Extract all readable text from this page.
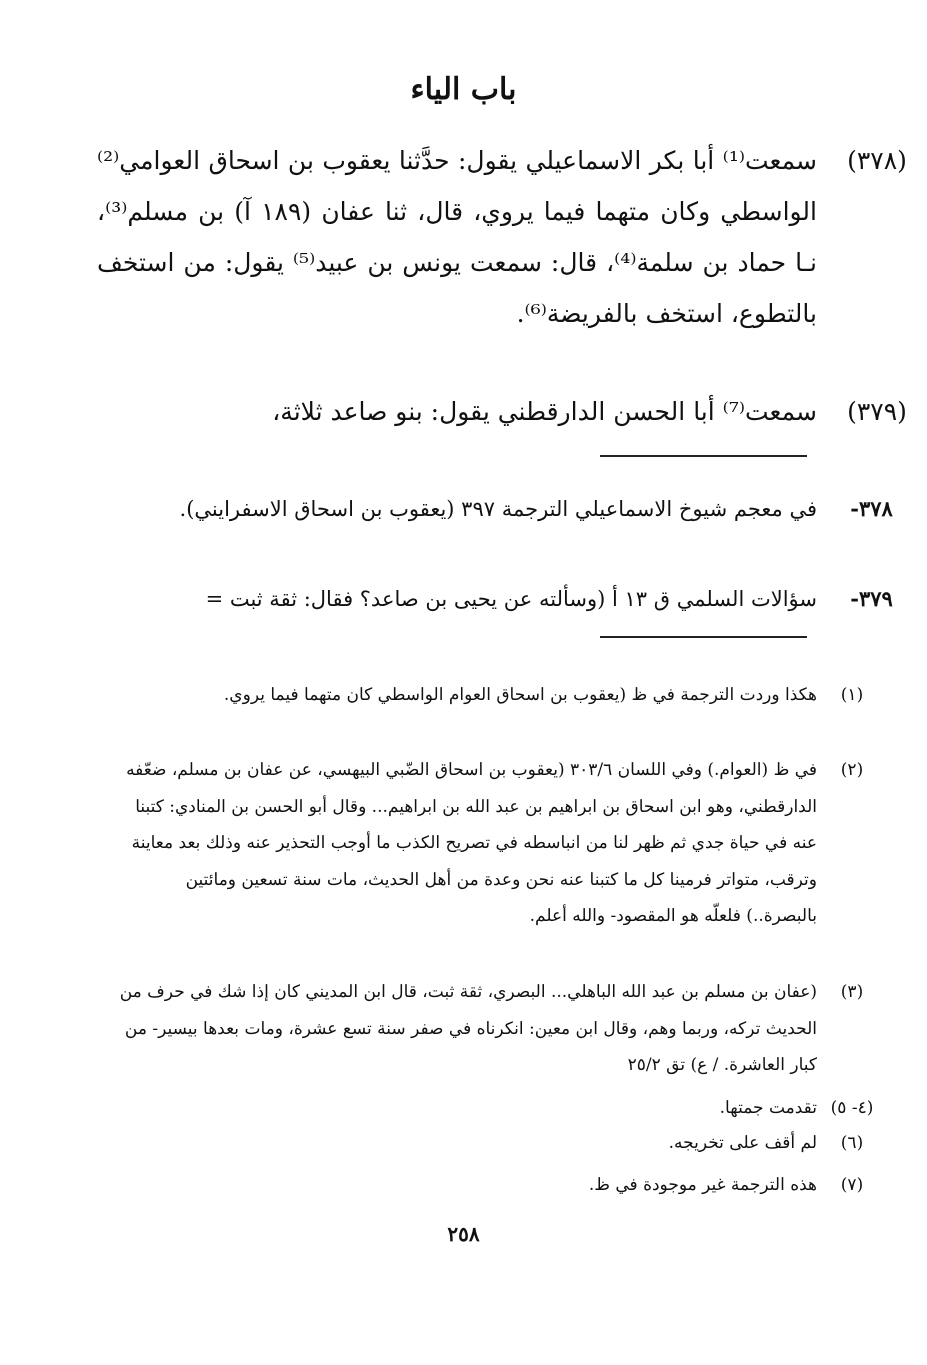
باب الياء
(٣٧٨)
سمعت⁽¹⁾ أبا بكر الاسماعيلي يقول: حدَّثنا يعقوب بن اسحاق العوامي⁽²⁾ الواسطي وكان متهما فيما يروي، قال، ثنا عفان (١٨٩ آ) بن مسلم⁽³⁾، نـا حماد بن سلمة⁽⁴⁾، قال: سمعت يونس بن عبيد⁽⁵⁾ يقول: من استخف بالتطوع، استخف بالفريضة⁽⁶⁾.
(٣٧٩)
سمعت⁽⁷⁾ أبا الحسن الدارقطني يقول: بنو صاعد ثلاثة،
٣٧٨-
في معجم شيوخ الاسماعيلي الترجمة ٣٩٧ (يعقوب بن اسحاق الاسفرايني).
٣٧٩-
سؤالات السلمي ق ١٣ أ (وسألته عن يحيى بن صاعد؟ فقال: ثقة ثبت =
(١)
هكذا وردت الترجمة في ظ (يعقوب بن اسحاق العوام الواسطي كان متهما فيما يروي.
(٢)
في ظ (العوام.) وفي اللسان ٣٠٣/٦ (يعقوب بن اسحاق الضّبي البيهسي، عن عفان بن مسلم، ضعّفه الدارقطني، وهو ابن اسحاق بن ابراهيم بن عبد الله بن ابراهيم... وقال أبو الحسن بن المنادي: كتبنا عنه في حياة جدي ثم ظهر لنا من انباسطه في تصريح الكذب ما أوجب التحذير عنه وذلك بعد معاينة وترقب، متواتر فرمينا كل ما كتبنا عنه نحن وعدة من أهل الحديث، مات سنة تسعين ومائتين بالبصرة..) فلعلّه هو المقصود- والله أعلم.
(٣)
(عفان بن مسلم بن عبد الله الباهلي... البصري، ثقة ثبت، قال ابن المديني كان إذا شك في حرف من الحديث تركه، وربما وهم، وقال ابن معين: انكرناه في صفر سنة تسع عشرة، ومات بعدها بيسير- من كبار العاشرة. / ع) تق ٢٥/٢
(٤- ٥)
تقدمت جمتها.
(٦)
لم أقف على تخريجه.
(٧)
هذه الترجمة غير موجودة في ظ.
٢٥٨
